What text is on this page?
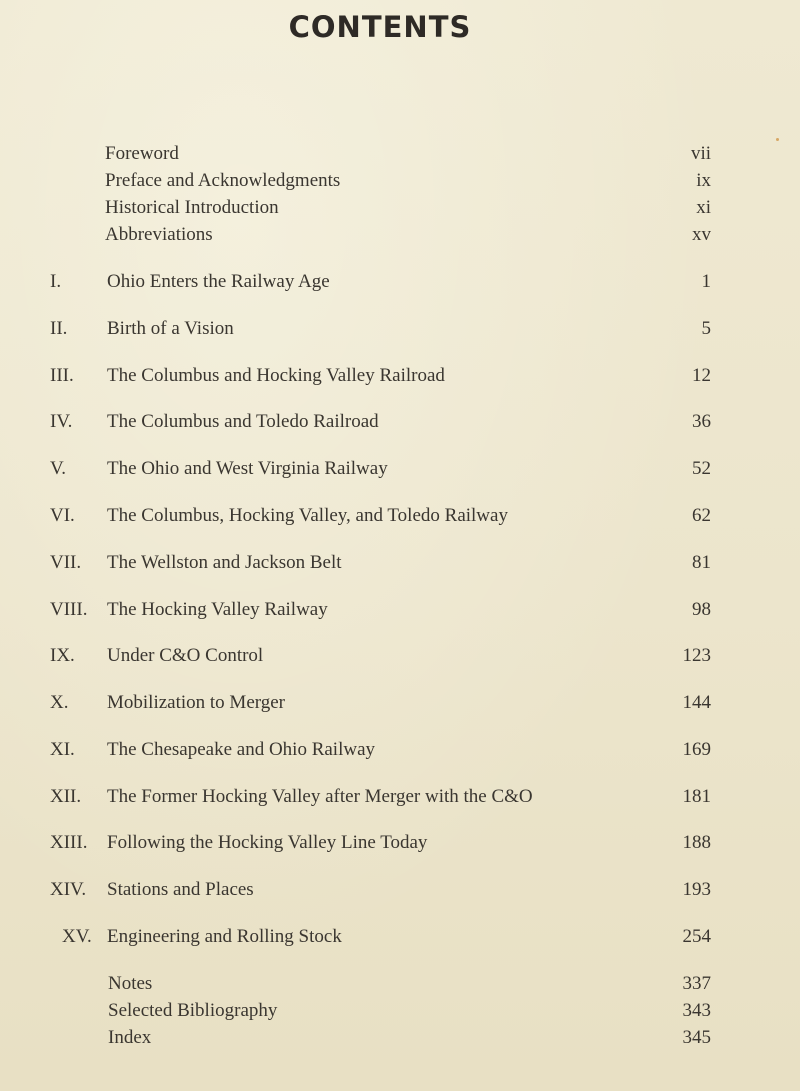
CONTENTS
Foreword	vii
Preface and Acknowledgments	ix
Historical Introduction	xi
Abbreviations	xv
I. Ohio Enters the Railway Age	1
II. Birth of a Vision	5
III. The Columbus and Hocking Valley Railroad	12
IV. The Columbus and Toledo Railroad	36
V. The Ohio and West Virginia Railway	52
VI. The Columbus, Hocking Valley, and Toledo Railway	62
VII. The Wellston and Jackson Belt	81
VIII. The Hocking Valley Railway	98
IX. Under C&O Control	123
X. Mobilization to Merger	144
XI. The Chesapeake and Ohio Railway	169
XII. The Former Hocking Valley after Merger with the C&O	181
XIII. Following the Hocking Valley Line Today	188
XIV. Stations and Places	193
XV. Engineering and Rolling Stock	254
Notes	337
Selected Bibliography	343
Index	345
